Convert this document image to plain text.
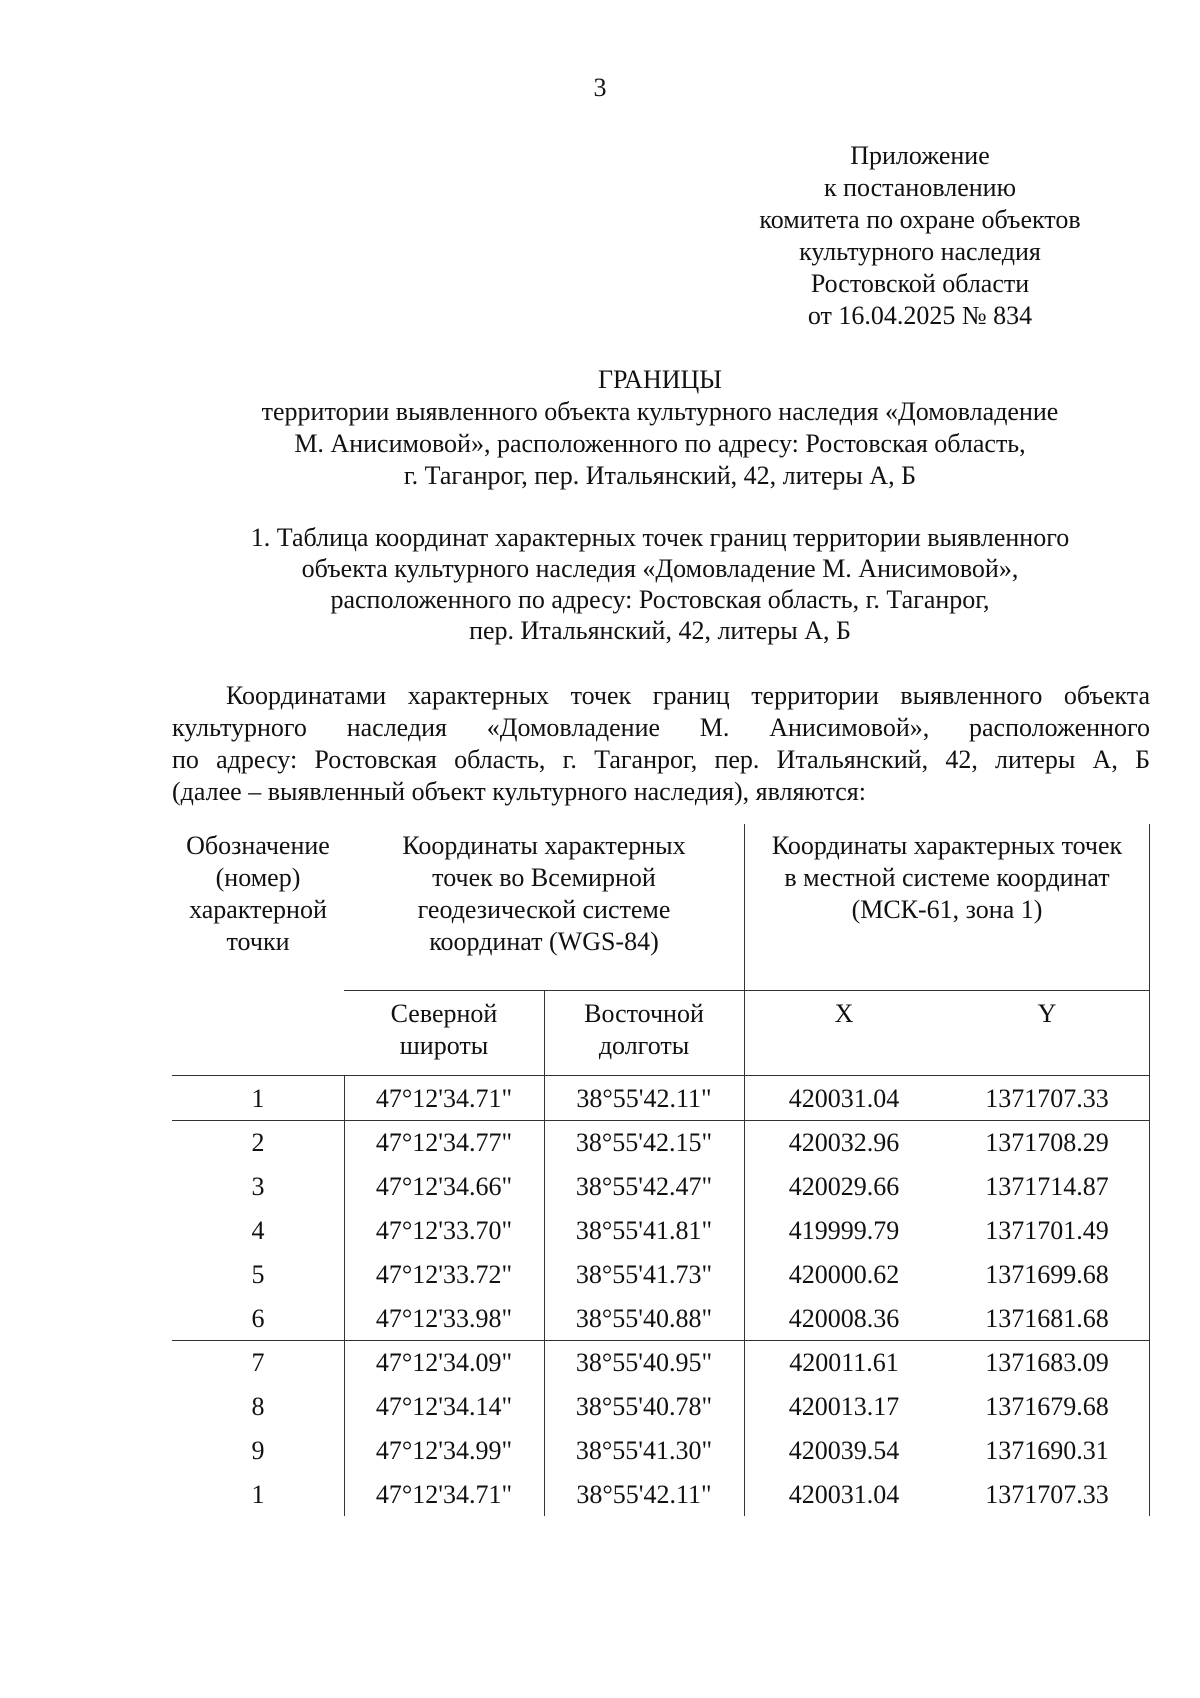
3
Приложение
к постановлению
комитета по охране объектов
культурного наследия
Ростовской области
от 16.04.2025 № 834
ГРАНИЦЫ
территории выявленного объекта культурного наследия «Домовладение
М. Анисимовой», расположенного по адресу: Ростовская область,
г. Таганрог, пер. Итальянский, 42, литеры А, Б
1. Таблица координат характерных точек границ территории выявленного
объекта культурного наследия «Домовладение М. Анисимовой»,
расположенного по адресу: Ростовская область, г. Таганрог,
пер. Итальянский, 42, литеры А, Б
Координатами характерных точек границ территории выявленного объекта
культурного наследия «Домовладение М. Анисимовой», расположенного
по адресу: Ростовская область, г. Таганрог, пер. Итальянский, 42, литеры А, Б
(далее – выявленный объект культурного наследия), являются:
Обозначение
(номер)
характерной
точки
Координаты характерных
точек во Всемирной
геодезической системе
координат (WGS-84)
Координаты характерных точек
в местной системе координат
(МСК-61, зона 1)
Северной
широты
Восточной
долготы
X	Y
1	47°12'34.71"	38°55'42.11"	420031.04	1371707.33
2	47°12'34.77"	38°55'42.15"	420032.96	1371708.29
3	47°12'34.66"	38°55'42.47"	420029.66	1371714.87
4	47°12'33.70"	38°55'41.81"	419999.79	1371701.49
5	47°12'33.72"	38°55'41.73"	420000.62	1371699.68
6	47°12'33.98"	38°55'40.88"	420008.36	1371681.68
7	47°12'34.09"	38°55'40.95"	420011.61	1371683.09
8	47°12'34.14"	38°55'40.78"	420013.17	1371679.68
9	47°12'34.99"	38°55'41.30"	420039.54	1371690.31
1	47°12'34.71"	38°55'42.11"	420031.04	1371707.33
